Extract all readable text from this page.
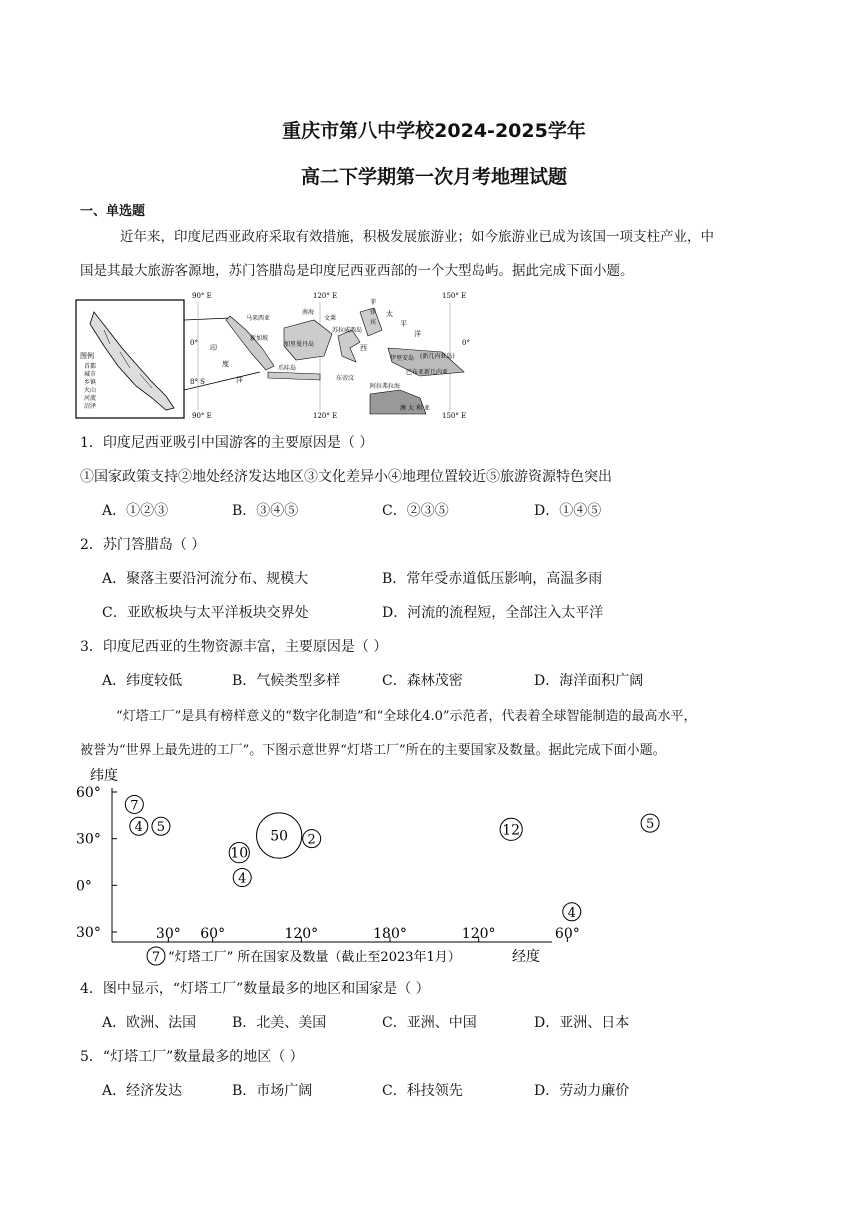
重庆市第八中学校2024-2025学年
高二下学期第一次月考地理试题
一、单选题
近年来，印度尼西亚政府采取有效措施，积极发展旅游业；如今旅游业已成为该国一项支柱产业，中
国是其最大旅游客源地，苏门答腊岛是印度尼西亚西部的一个大型岛屿。据此完成下面小题。
图例
首都
城市
乡镇
火山
河流
沼泽
90° E	120° E	150° E
90° E	120° E	150° E
0°
8° S
0°
马来西亚
南海
文莱
新加坡
加里曼丹岛
苏拉威西岛
西
太
平
洋
印
度
洋
爪哇岛
东帝汶
伊里安岛 (新几内亚岛)
巴布亚新几内亚
阿拉弗拉海
澳 大 利 亚
菲
律
宾
1．印度尼西亚吸引中国游客的主要原因是（ ）
①国家政策支持②地处经济发达地区③文化差异小④地理位置较近⑤旅游资源特色突出
A．①②③	B．③④⑤	C．②③⑤	D．①④⑤
2．苏门答腊岛（ ）
A．聚落主要沿河流分布、规模大	B．常年受赤道低压影响，高温多雨
C．亚欧板块与太平洋板块交界处	D．河流的流程短，全部注入太平洋
3．印度尼西亚的生物资源丰富，主要原因是（ ）
A．纬度较低	B．气候类型多样	C．森林茂密	D．海洋面积广阔
“灯塔工厂”是具有榜样意义的“数字化制造”和“全球化4.0”示范者，代表着全球智能制造的最高水平，
被誉为“世界上最先进的工厂”。下图示意世界“灯塔工厂”所在的主要国家及数量。据此完成下面小题。
纬度
60°
30°
0°
30°	30° 60°	120°	180°	120°	60°
7
5
4 5
50 2
10
4
12
4
7 “灯塔工厂” 所在国家及数量（截止至2023年1月）	经度
4．图中显示，“灯塔工厂”数量最多的地区和国家是（ ）
A．欧洲、法国	B．北美、美国	C．亚洲、中国	D．亚洲、日本
5．“灯塔工厂”数量最多的地区（ ）
A．经济发达	B．市场广阔	C．科技领先	D．劳动力廉价
